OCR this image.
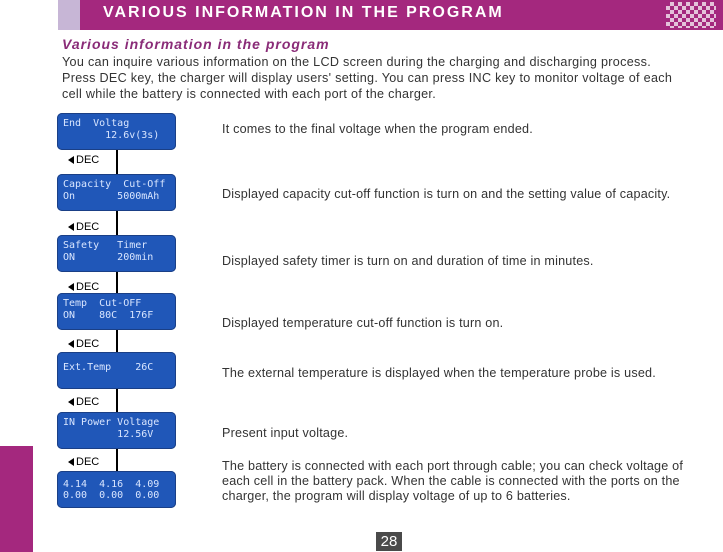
VARIOUS INFORMATION IN THE PROGRAM
Various information in the program
You can inquire various information on the LCD screen during the charging and discharging process. Press DEC key, the charger will display users' setting. You can press INC key to monitor voltage of each cell while the battery is connected with each port of the charger.
End  Voltag
12.6v(3s)	It comes to the final voltage when the program ended.
DEC
Capacity  Cut-Off
On       5000mAh	Displayed capacity cut-off function is turn on and the setting value of capacity.
DEC
Safety   Timer
ON       200min	Displayed safety timer is turn on and duration of time in minutes.
DEC
Temp  Cut-OFF
ON    80C  176F
Displayed temperature cut-off function is turn on.
DEC
Ext.Temp    26C	The external temperature is displayed when the temperature probe is used.
DEC
IN Power Voltage
12.56V	Present input voltage.
DEC
4.14  4.16  4.09
0.00  0.00  0.00
The battery is connected with each port through cable; you can check voltage of each cell in the battery pack. When the cable is connected with the ports on the charger, the program will display voltage of up to 6 batteries.
28
